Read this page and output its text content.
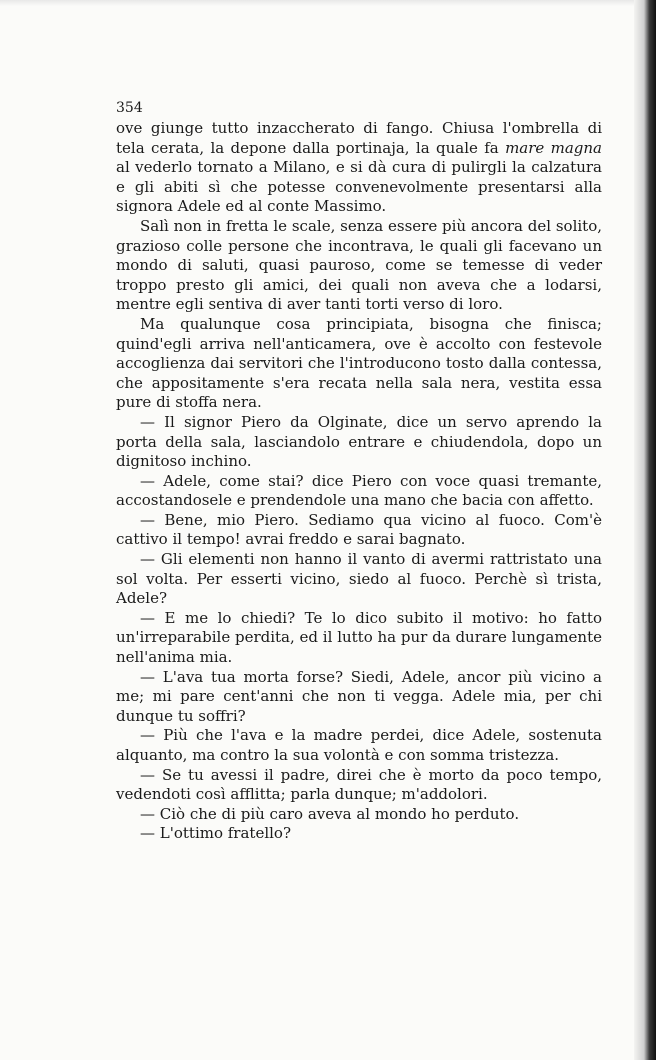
354

ove giunge tutto inzaccherato di fango. Chiusa l'ombrella di tela cerata, la depone dalla portinaja, la quale fa mare magna al vederlo tornato a Milano, e si dà cura di pulirgli la calzatura e gli abiti sì che potesse convenevolmente presentarsi alla signora Adele ed al conte Massimo.

Salì non in fretta le scale, senza essere più ancora del solito, grazioso colle persone che incontrava, le quali gli facevano un mondo di saluti, quasi pauroso, come se temesse di veder troppo presto gli amici, dei quali non aveva che a lodarsi, mentre egli sentiva di aver tanti torti verso di loro.

Ma qualunque cosa principiata, bisogna che finisca; quind'egli arriva nell'anticamera, ove è accolto con festevole accoglienza dai servitori che l'introducono tosto dalla contessa, che appositamente s'era recata nella sala nera, vestita essa pure di stoffa nera.

— Il signor Piero da Olginate, dice un servo aprendo la porta della sala, lasciandolo entrare e chiudendola, dopo un dignitoso inchino.

— Adele, come stai? dice Piero con voce quasi tremante, accostandosele e prendendole una mano che bacia con affetto.

— Bene, mio Piero. Sediamo qua vicino al fuoco. Com'è cattivo il tempo! avrai freddo e sarai bagnato.

— Gli elementi non hanno il vanto di avermi rattristato una sol volta. Per esserti vicino, siedo al fuoco. Perchè sì trista, Adele?

— E me lo chiedi? Te lo dico subito il motivo: ho fatto un'irreparabile perdita, ed il lutto ha pur da durare lungamente nell'anima mia.

— L'ava tua morta forse? Siedi, Adele, ancor più vicino a me; mi pare cent'anni che non ti vegga. Adele mia, per chi dunque tu soffri?

— Più che l'ava e la madre perdei, dice Adele, sostenuta alquanto, ma contro la sua volontà e con somma tristezza.

— Se tu avessi il padre, direi che è morto da poco tempo, vedendoti così afflitta; parla dunque; m'addolori.

— Ciò che di più caro aveva al mondo ho perduto.

— L'ottimo fratello?
